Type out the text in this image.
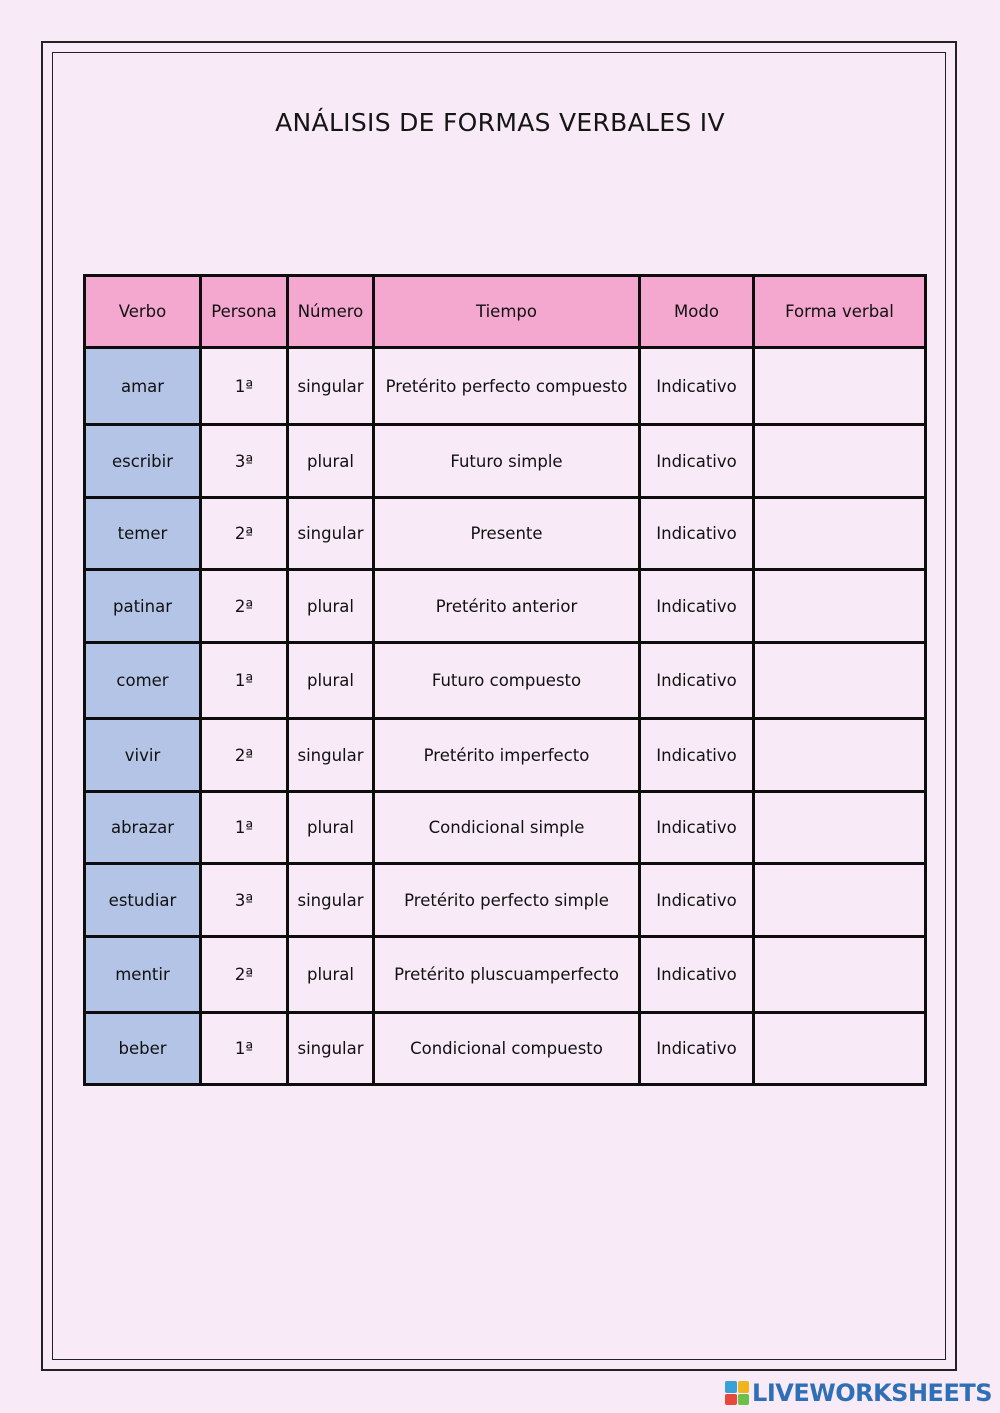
ANÁLISIS DE FORMAS VERBALES IV
Verbo	Persona	Número	Tiempo	Modo	Forma verbal
amar	1ª	singular	Pretérito perfecto compuesto	Indicativo	
escribir	3ª	plural	Futuro simple	Indicativo	
temer	2ª	singular	Presente	Indicativo	
patinar	2ª	plural	Pretérito anterior	Indicativo	
comer	1ª	plural	Futuro compuesto	Indicativo	
vivir	2ª	singular	Pretérito imperfecto	Indicativo	
abrazar	1ª	plural	Condicional simple	Indicativo	
estudiar	3ª	singular	Pretérito perfecto simple	Indicativo	
mentir	2ª	plural	Pretérito pluscuamperfecto	Indicativo	
beber	1ª	singular	Condicional compuesto	Indicativo	
LIVEWORKSHEETS
